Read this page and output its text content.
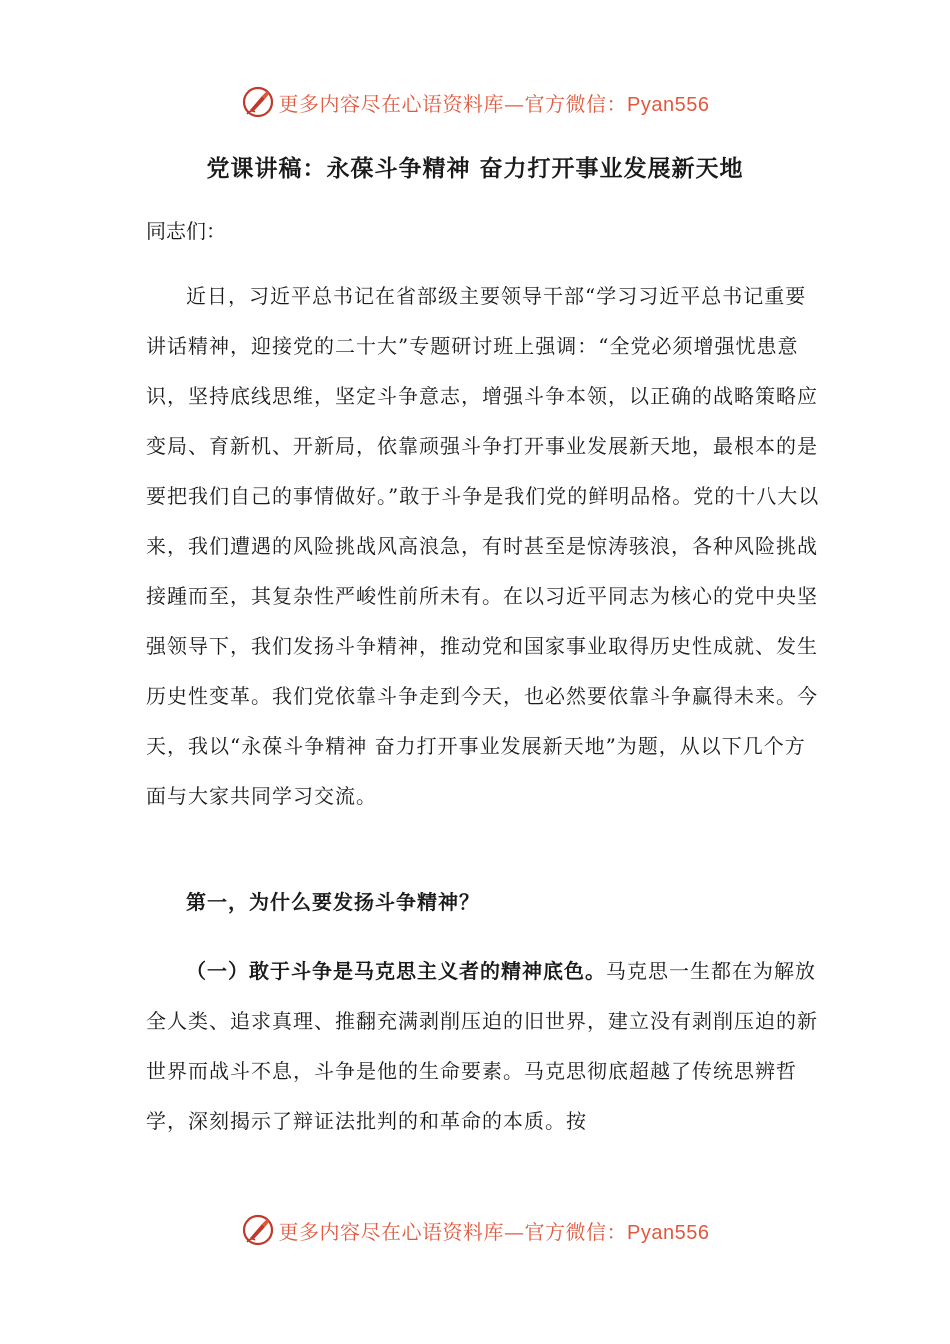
更多内容尽在心语资料库—官方微信：Pyan556
党课讲稿：永葆斗争精神 奋力打开事业发展新天地

同志们：

近日，习近平总书记在省部级主要领导干部“学习习近平总书记重要讲话精神，迎接党的二十大”专题研讨班上强调：“全党必须增强忧患意识，坚持底线思维，坚定斗争意志，增强斗争本领，以正确的战略策略应变局、育新机、开新局，依靠顽强斗争打开事业发展新天地，最根本的是要把我们自己的事情做好。”敢于斗争是我们党的鲜明品格。党的十八大以来，我们遭遇的风险挑战风高浪急，有时甚至是惊涛骇浪，各种风险挑战接踵而至，其复杂性严峻性前所未有。在以习近平同志为核心的党中央坚强领导下，我们发扬斗争精神，推动党和国家事业取得历史性成就、发生历史性变革。我们党依靠斗争走到今天，也必然要依靠斗争赢得未来。今天，我以“永葆斗争精神 奋力打开事业发展新天地”为题，从以下几个方面与大家共同学习交流。

第一，为什么要发扬斗争精神？

（一）敢于斗争是马克思主义者的精神底色。马克思一生都在为解放全人类、追求真理、推翻充满剥削压迫的旧世界，建立没有剥削压迫的新世界而战斗不息，斗争是他的生命要素。马克思彻底超越了传统思辨哲学，深刻揭示了辩证法批判的和革命的本质。按

更多内容尽在心语资料库—官方微信：Pyan556
